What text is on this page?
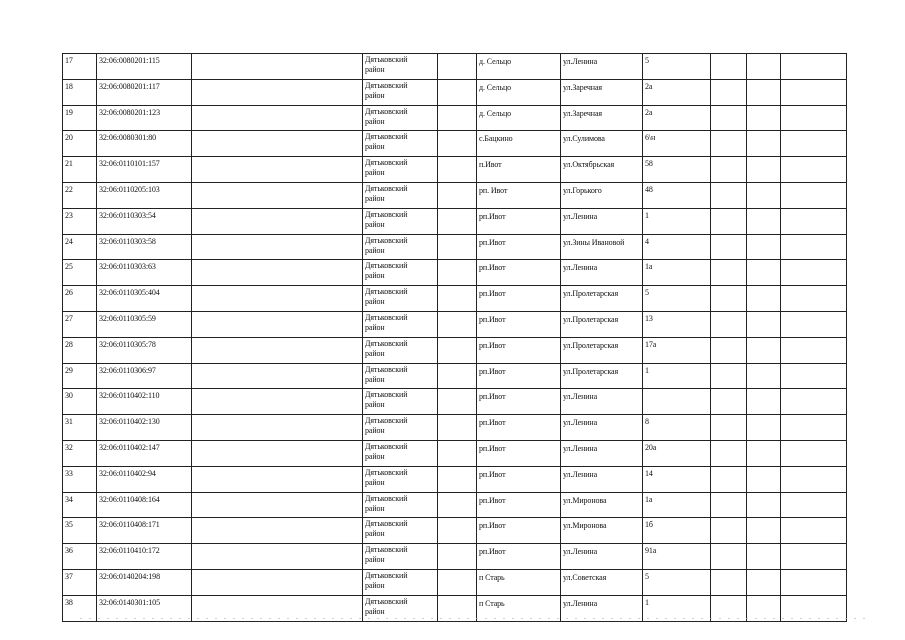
17	32:06:0080201:115		Дятьковский
район		д. Сельцо	ул.Ленина	5			
18	32:06:0080201:117		Дятьковский
район		д. Сельцо	ул.Заречная	2а			
19	32:06:0080201:123		Дятьковский
район		д. Сельцо	ул.Заречная	2а			
20	32:06:0080301:80		Дятьковский
район		с.Бацкино	ул.Сулимова	6\н			
21	32:06:0110101:157		Дятьковский
район		п.Ивот	ул.Октябрьская	58			
22	32:06:0110205:103		Дятьковский
район		рп. Ивот	ул.Горького	48			
23	32:06:0110303:54		Дятьковский
район		рп.Ивот	ул.Ленина	1			
24	32:06:0110303:58		Дятьковский
район		рп.Ивот	ул.Зины Ивановой	4			
25	32:06:0110303:63		Дятьковский
район		рп.Ивот	ул.Ленина	1а			
26	32:06:0110305:404		Дятьковский
район		рп.Ивот	ул.Пролетарская	5			
27	32:06:0110305:59		Дятьковский
район		рп.Ивот	ул.Пролетарская	13			
28	32:06:0110305:78		Дятьковский
район		рп.Ивот	ул.Пролетарская	17а			
29	32:06:0110306:97		Дятьковский
район		рп.Ивот	ул.Пролетарская	1			
30	32:06:0110402:110		Дятьковский
район		рп.Ивот	ул.Ленина				
31	32:06:0110402:130		Дятьковский
район		рп.Ивот	ул.Ленина	8			
32	32:06:0110402:147		Дятьковский
район		рп.Ивот	ул.Ленина	20а			
33	32:06:0110402:94		Дятьковский
район		рп.Ивот	ул.Ленина	14			
34	32:06:0110408:164		Дятьковский
район		рп.Ивот	ул.Миронова	1а			
35	32:06:0110408:171		Дятьковский
район		рп.Ивот	ул.Миронова	1б			
36	32:06:0110410:172		Дятьковский
район		рп.Ивот	ул.Ленина	91а			
37	32:06:0140204:198		Дятьковский
район		п Старь	ул.Советская	5			
38	32:06:0140301:105		Дятьковский
район		п Старь	ул.Ленина	1			
